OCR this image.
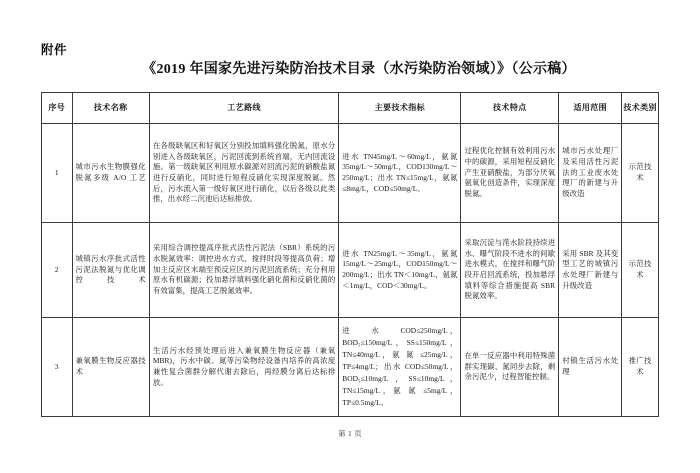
附件
《2019 年国家先进污染防治技术目录（水污染防治领域）》（公示稿）
序号	技术名称	工艺路线	主要技术指标	技术特点	适用范围	技术类别
1	城市污水生物膜强化脱氮多级 A/O 工艺	在各级缺氧区和好氧区分别投加填料强化脱氮，原水分别进入各级缺氧区，污泥回流到系统首端，无内回流设施。第一级缺氧区利用原水碳源对回流污泥的硝酸盐氮进行反硝化，同时进行短程反硝化实现深度脱氮。然后，污水流入第一级好氧区进行硝化，以后各级以此类推，出水经二沉池后达标排放。	进水 TN45mg/L～60mg/L，氨氮35mg/L～50mg/L，COD130mg/L～250mg/L；出水 TN≤15mg/L，氨氮≤8mg/L，COD≤50mg/L。	过程优化控制有效利用污水中的碳源，采用短程反硝化产生亚硝酸盐，为部分厌氧氨氧化创造条件，实现深度脱氮。	城市污水处理厂及采用活性污泥法的工业废水处理厂的新建与升级改造	示范技术
2	城镇污水序批式活性污泥法脱氮与优化调控技术	采用综合调控提高序批式活性污泥法（SBR）系统的污水脱氮效率：调控进水方式、搅拌时段等提高负荷；增加主反应区末端至预反应区的污泥回流系统；充分利用原水有机碳源；投加悬浮填料强化硝化菌和反硝化菌的有效富集，提高工艺脱氮效率。	进水 TN25mg/L～35mg/L，氨氮15mg/L～25mg/L，COD150mg/L～200mg/L；出水 TN＜10mg/L，氨氮＜1mg/L，COD＜30mg/L。	采取沉淀与滗水阶段持续进水、曝气阶段不进水的间歇进水模式，在搅拌和曝气阶段开启回流系统，投加悬浮填料等综合措施提高 SBR 脱氮效率。	采用 SBR 及其变型工艺的城镇污水处理厂新建与升级改造	示范技术
3	兼氧膜生物反应器技术	生活污水经预处理后进入兼氧膜生物反应器（兼氧 MBR)，污水中碳、氮等污染物经设备内培养的高浓度兼性复合菌群分解代谢去除后，再经膜分离后达标排放。	进　　水　　COD≤250mg/L，BOD₅≤150mg/L，SS≤150mg/L，TN≤40mg/L，氨 氮 ≤25mg/L，TP≤4mg/L；出水 COD≤50mg/L，BOD₅≤10mg/L ，SS≤10mg/L，TN≤15mg/L，氨 氮 ≤5mg/L，TP≤0.5mg/L。	在单一反应器中利用特殊菌群实现碳、氮同步去除，剩余污泥少，过程智能控制。	村镇生活污水处理	推广技术
第 1 页
